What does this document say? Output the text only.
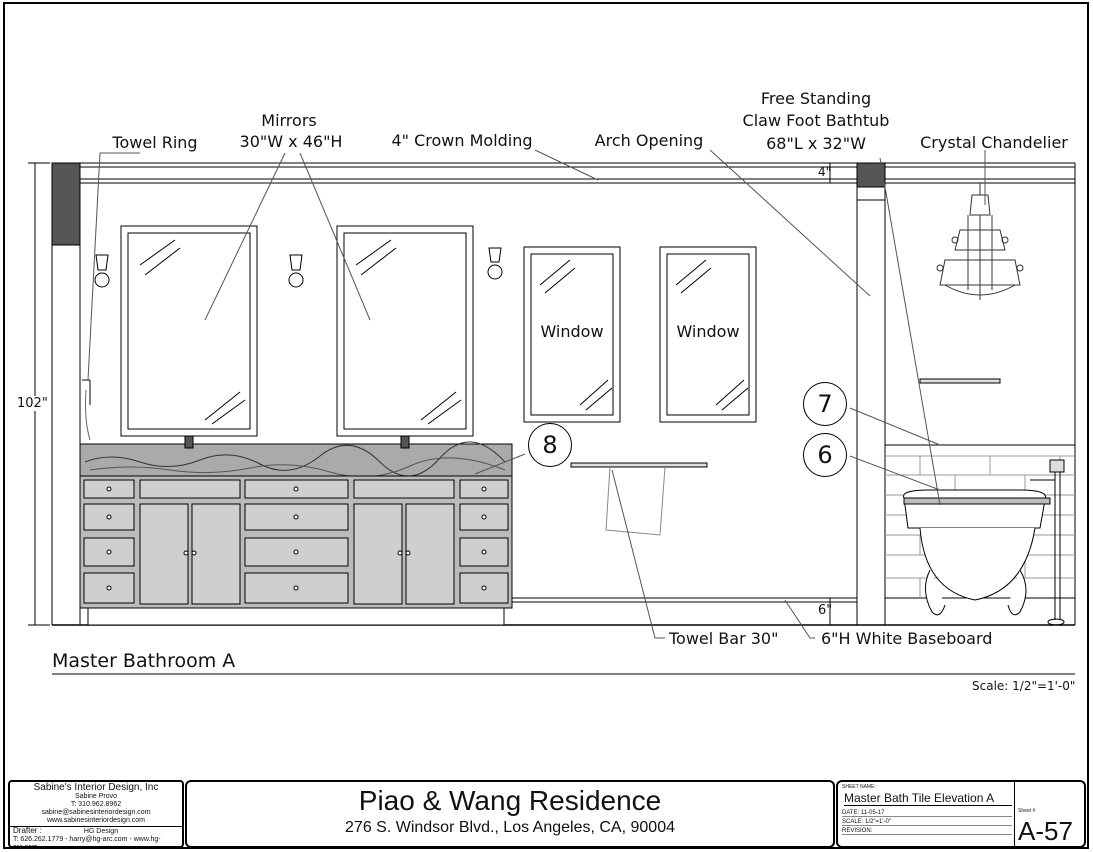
Towel Ring
Mirrors
30"W x 46"H	4" Crown Molding	Arch Opening
Free Standing
Claw Foot Bathtub
68"L x 32"W	Crystal Chandelier
Window	Window
Towel Bar 30"	6"H White Baseboard
102"
4"
6"
8
7
6
Master Bathroom A
Scale: 1/2"=1'-0"
Sabine's Interior Design, Inc
Sabine Provo
T: 310.962.8962
sabine@sabinesinteriordesign.com
www.sabinesinteriordesign.com
Drafter :	HG Design
T: 626.262.1779 - harry@hg-arc.com - www.hg-arc.com
Piao & Wang Residence
276 S. Windsor Blvd., Los Angeles, CA, 90004
SHEET NAME:
Master Bath Tile Elevation A
DATE: 11-05-17
SCALE: 1/2"=1'-0"
REVISION:
Sheet #
A-57
